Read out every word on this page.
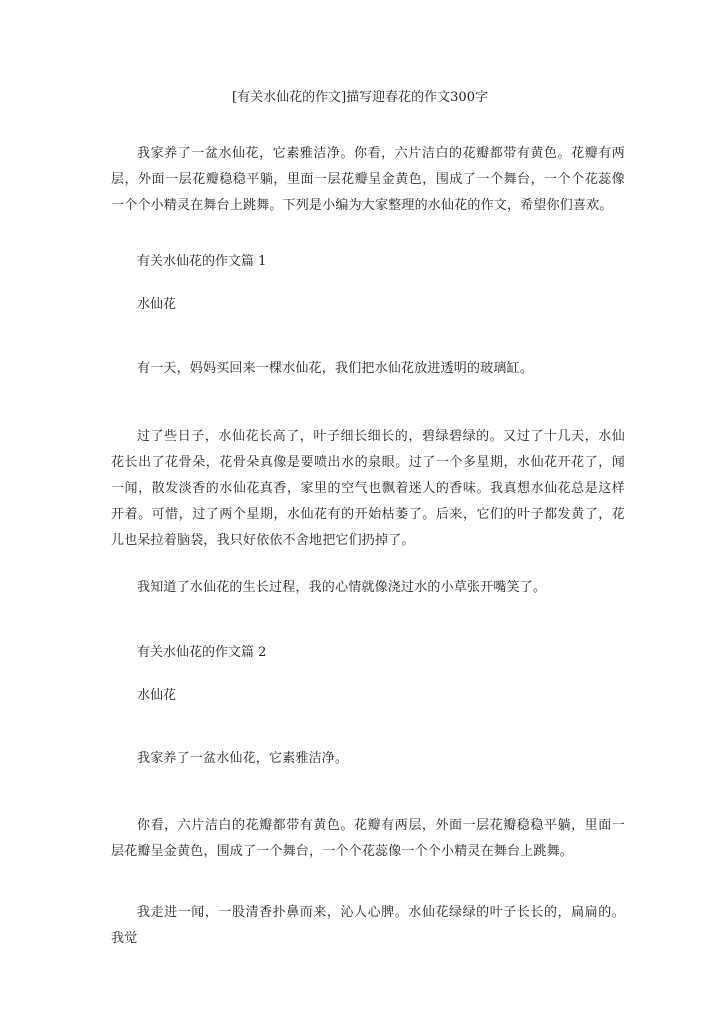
[有关水仙花的作文]描写迎春花的作文300字

我家养了一盆水仙花，它素雅洁净。你看，六片洁白的花瓣都带有黄色。花瓣有两层，外面一层花瓣稳稳平躺，里面一层花瓣呈金黄色，围成了一个舞台，一个个花蕊像一个个小精灵在舞台上跳舞。下列是小编为大家整理的水仙花的作文，希望你们喜欢。

有关水仙花的作文篇 1

水仙花

有一天，妈妈买回来一棵水仙花，我们把水仙花放进透明的玻璃缸。

过了些日子，水仙花长高了，叶子细长细长的，碧绿碧绿的。又过了十几天，水仙花长出了花骨朵，花骨朵真像是要喷出水的泉眼。过了一个多星期，水仙花开花了，闻一闻，散发淡香的水仙花真香，家里的空气也飘着迷人的香味。我真想水仙花总是这样开着。可惜，过了两个星期，水仙花有的开始枯萎了。后来，它们的叶子都发黄了，花儿也呆拉着脑袋，我只好依依不舍地把它们扔掉了。

我知道了水仙花的生长过程，我的心情就像浇过水的小草张开嘴笑了。

有关水仙花的作文篇 2

水仙花

我家养了一盆水仙花，它素雅洁净。

你看，六片洁白的花瓣都带有黄色。花瓣有两层，外面一层花瓣稳稳平躺，里面一层花瓣呈金黄色，围成了一个舞台，一个个花蕊像一个个小精灵在舞台上跳舞。

我走进一闻，一股清香扑鼻而来，沁人心脾。水仙花绿绿的叶子长长的，扁扁的。我觉
